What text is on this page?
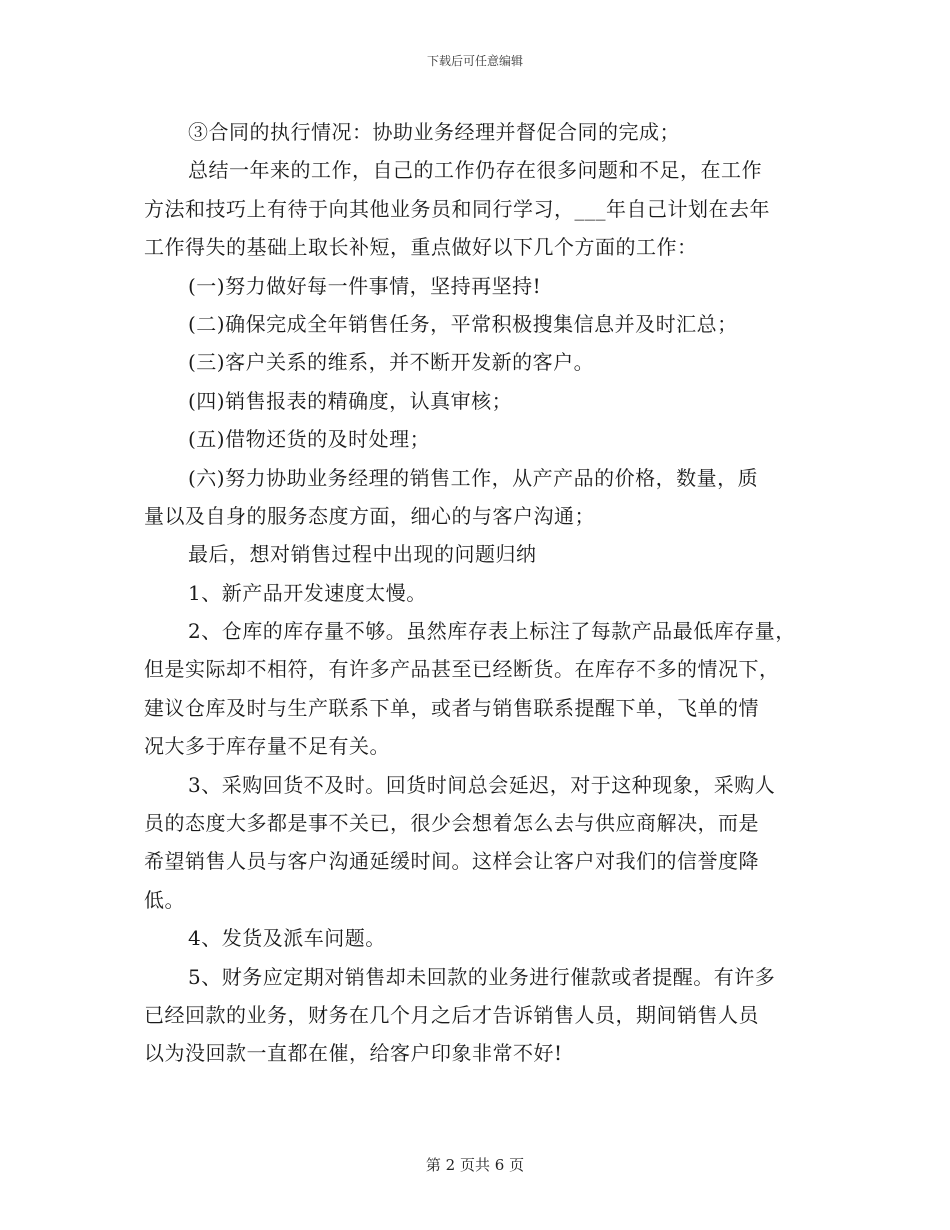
下载后可任意编辑
③合同的执行情况：协助业务经理并督促合同的完成；
总结一年来的工作，自己的工作仍存在很多问题和不足，在工作
方法和技巧上有待于向其他业务员和同行学习，___年自己计划在去年
工作得失的基础上取长补短，重点做好以下几个方面的工作：
(一)努力做好每一件事情，坚持再坚持!
(二)确保完成全年销售任务，平常积极搜集信息并及时汇总；
(三)客户关系的维系，并不断开发新的客户。
(四)销售报表的精确度，认真审核；
(五)借物还货的及时处理；
(六)努力协助业务经理的销售工作，从产产品的价格，数量，质
量以及自身的服务态度方面，细心的与客户沟通；
最后，想对销售过程中出现的问题归纳
1、新产品开发速度太慢。
2、仓库的库存量不够。虽然库存表上标注了每款产品最低库存量，
但是实际却不相符，有许多产品甚至已经断货。在库存不多的情况下，
建议仓库及时与生产联系下单，或者与销售联系提醒下单，飞单的情
况大多于库存量不足有关。
3、采购回货不及时。回货时间总会延迟，对于这种现象，采购人
员的态度大多都是事不关已，很少会想着怎么去与供应商解决，而是
希望销售人员与客户沟通延缓时间。这样会让客户对我们的信誉度降
低。
4、发货及派车问题。
5、财务应定期对销售却未回款的业务进行催款或者提醒。有许多
已经回款的业务，财务在几个月之后才告诉销售人员，期间销售人员
以为没回款一直都在催，给客户印象非常不好!
第 2 页共 6 页
